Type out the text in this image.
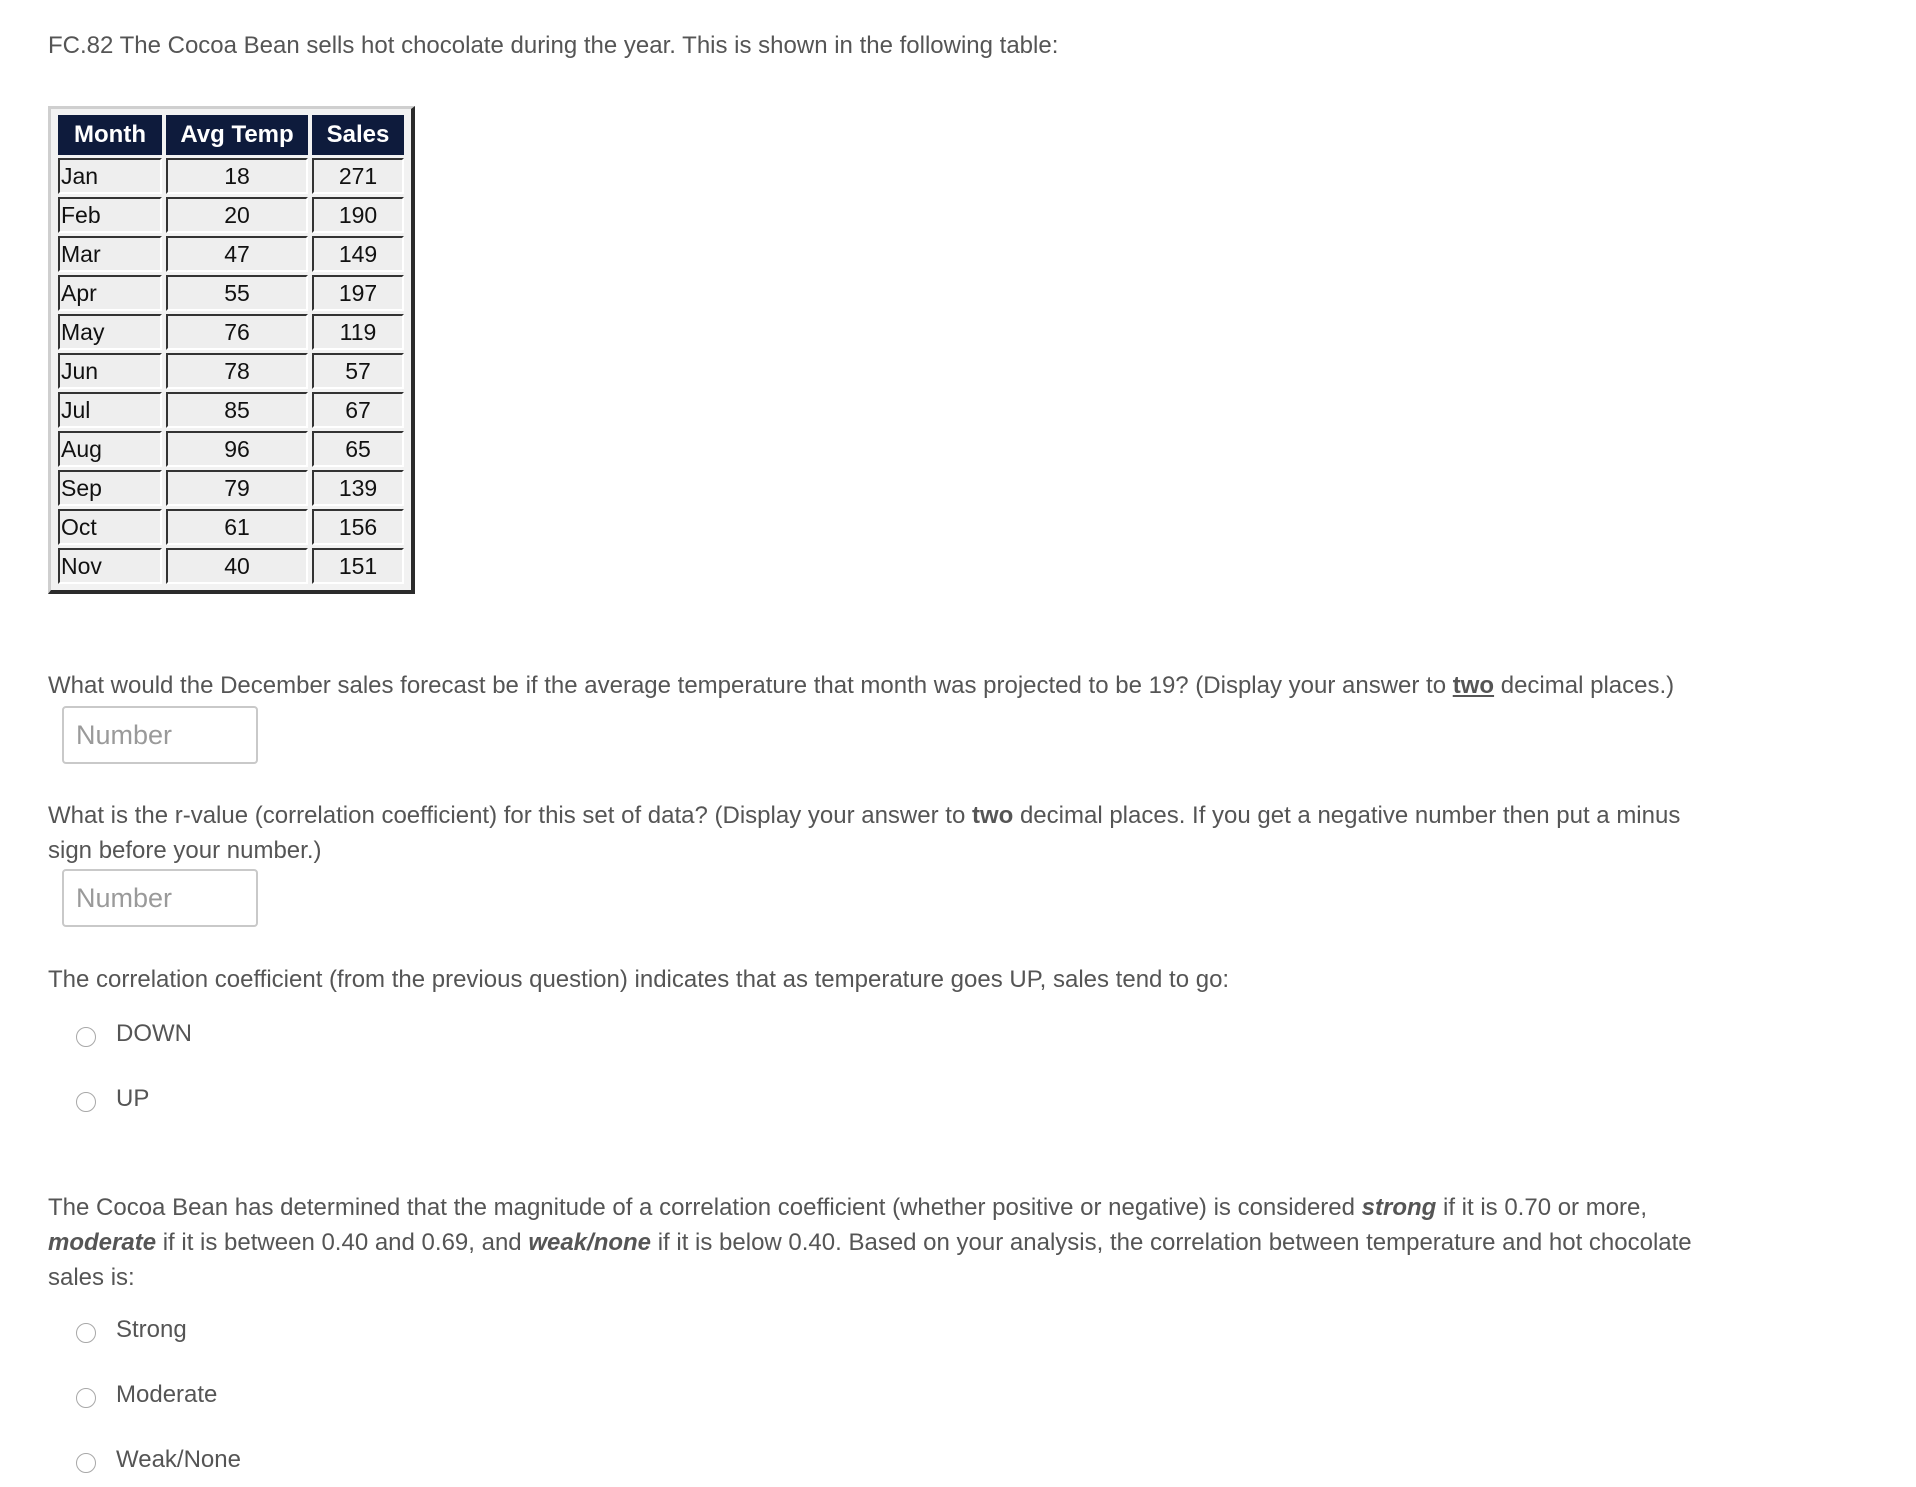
FC.82 The Cocoa Bean sells hot chocolate during the year. This is shown in the following table:

Month	Avg Temp	Sales
Jan	18	271
Feb	20	190
Mar	47	149
Apr	55	197
May	76	119
Jun	78	57
Jul	85	67
Aug	96	65
Sep	79	139
Oct	61	156
Nov	40	151

What would the December sales forecast be if the average temperature that month was projected to be 19? (Display your answer to two decimal places.)

Number

What is the r-value (correlation coefficient) for this set of data? (Display your answer to two decimal places. If you get a negative number then put a minus sign before your number.)

Number

The correlation coefficient (from the previous question) indicates that as temperature goes UP, sales tend to go:

DOWN
UP

The Cocoa Bean has determined that the magnitude of a correlation coefficient (whether positive or negative) is considered strong if it is 0.70 or more, moderate if it is between 0.40 and 0.69, and weak/none if it is below 0.40. Based on your analysis, the correlation between temperature and hot chocolate sales is:

Strong
Moderate
Weak/None
